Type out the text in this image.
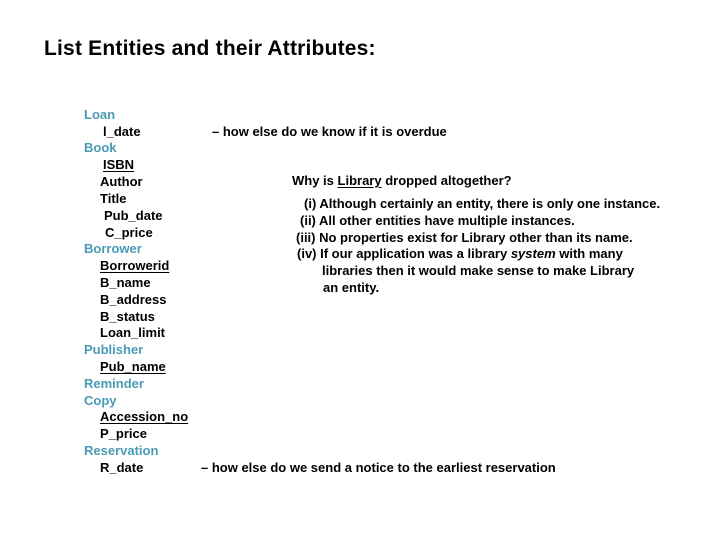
List Entities and their Attributes:
Loan
l_date
Book
ISBN
Author
Title
Pub_date
C_price
Borrower
Borrowerid
B_name
B_address
B_status
Loan_limit
Publisher
Pub_name
Reminder
Copy
Accession_no
P_price
Reservation
R_date
– how else do we know if it is overdue
– how else do we send a notice to the earliest reservation
Why is Library dropped altogether?
(i) Although certainly an entity, there is only one instance.
(ii) All other entities have multiple instances.
(iii) No properties exist for Library other than its name.
(iv) If our application was a library system with many
libraries then it would make sense to make Library
an entity.
